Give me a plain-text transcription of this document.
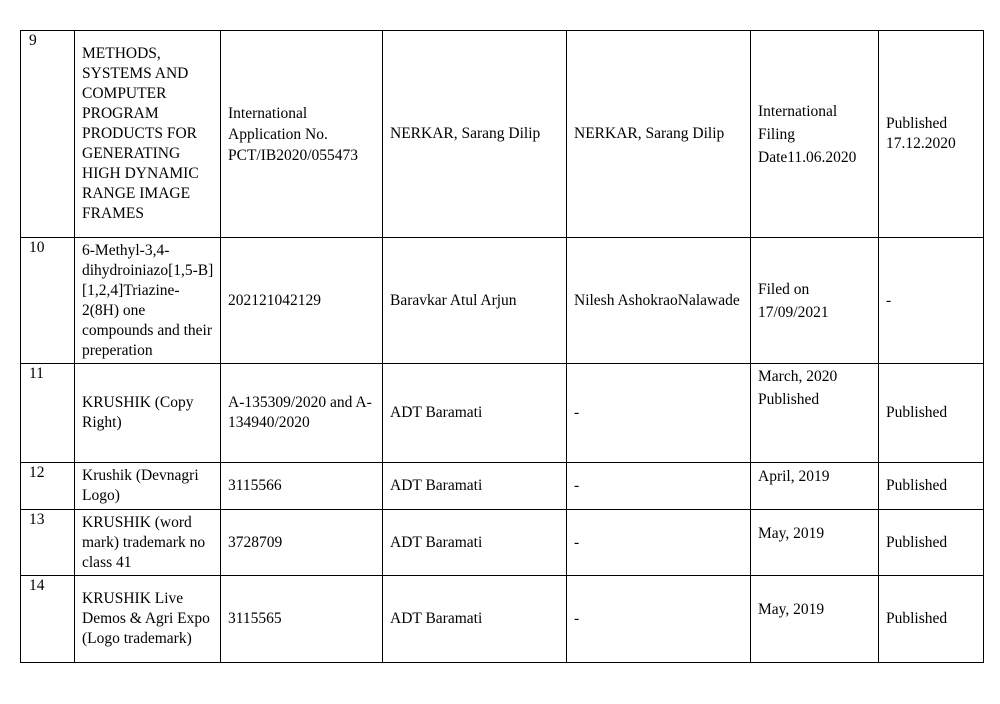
9	METHODS, SYSTEMS AND COMPUTER PROGRAM PRODUCTS FOR GENERATING HIGH DYNAMIC RANGE IMAGE FRAMES	International Application No. PCT/IB2020/055473	NERKAR, Sarang Dilip	NERKAR, Sarang Dilip	International Filing Date11.06.2020	Published 17.12.2020
10	6-Methyl-3,4-dihydroiniazo[1,5-B][1,2,4]Triazine-2(8H) one compounds and their preperation	202121042129	Baravkar Atul Arjun	Nilesh AshokraoNalawade	Filed on 17/09/2021	-
11	KRUSHIK (Copy Right)	A-135309/2020 and A-134940/2020	ADT Baramati	-	March, 2020 Published	Published
12	Krushik (Devnagri Logo)	3115566	ADT Baramati	-	April, 2019	Published
13	KRUSHIK (word mark) trademark no class 41	3728709	ADT Baramati	-	May, 2019	Published
14	KRUSHIK Live Demos & Agri Expo (Logo trademark)	3115565	ADT Baramati	-	May, 2019	Published
